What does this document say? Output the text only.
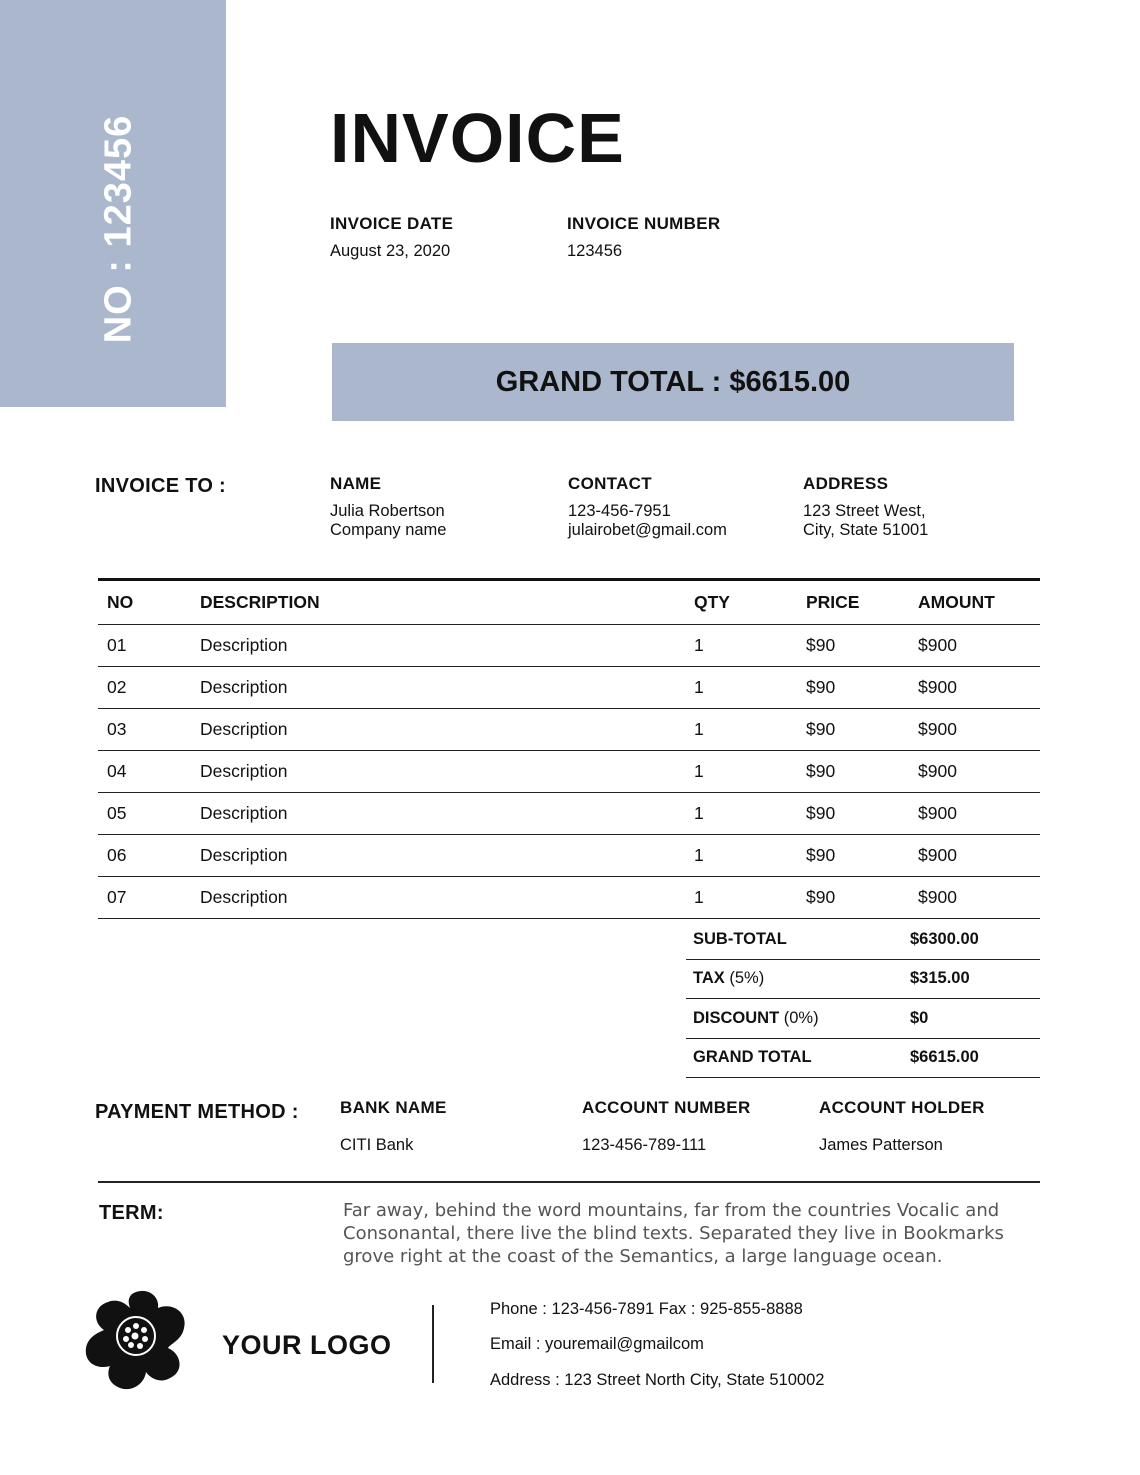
NO : 123456	INVOICE
INVOICE DATE
August 23, 2020
INVOICE NUMBER
123456
GRAND TOTAL : $6615.00
INVOICE TO :	NAME
Julia Robertson
Company name
CONTACT
123-456-7951
julairobet@gmail.com
ADDRESS
123 Street West,
City, State 51001
NO	DESCRIPTION	QTY	PRICE	AMOUNT
01	Description	1	$90	$900
02	Description	1	$90	$900
03	Description	1	$90	$900
04	Description	1	$90	$900
05	Description	1	$90	$900
06	Description	1	$90	$900
07	Description	1	$90	$900
SUB-TOTAL	$6300.00
TAX (5%)	$315.00
DISCOUNT (0%)	$0
GRAND TOTAL	$6615.00
PAYMENT METHOD : BANK NAME
CITI Bank
ACCOUNT NUMBER
123-456-789-111
ACCOUNT HOLDER
James Patterson
TERM:	Far away, behind the word mountains, far from the countries Vocalic and Consonantal, there live the blind texts. Separated they live in Bookmarks grove right at the coast of the Semantics, a large language ocean.
YOUR LOGO
Phone : 123-456-7891 Fax : 925-855-8888
Email : youremail@gmailcom
Address : 123 Street North City, State 510002
